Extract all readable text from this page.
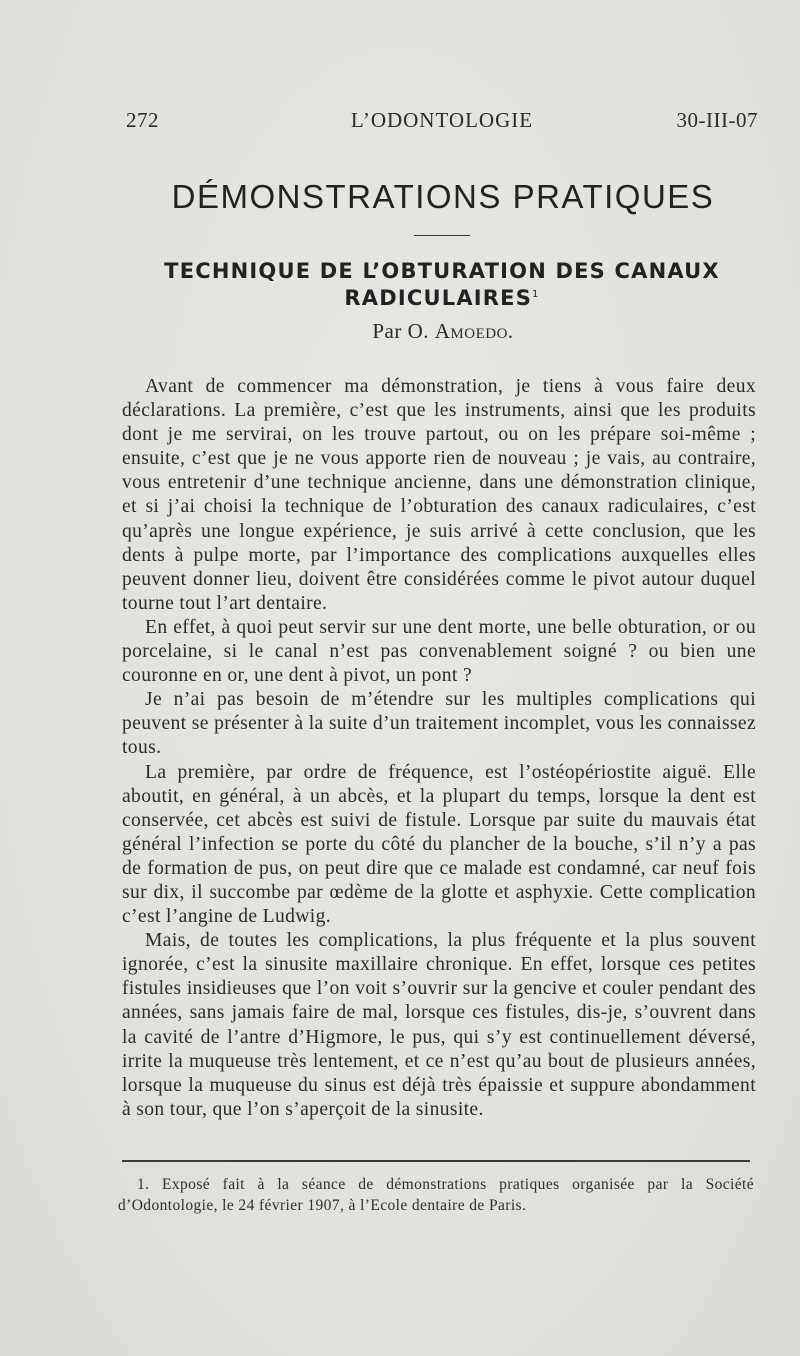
L’ODONTOLOGIE
272	30-III-07
DÉMONSTRATIONS PRATIQUES
TECHNIQUE DE L’OBTURATION DES CANAUX RADICULAIRES$^1$
Par O. Amoedo.

Avant de commencer ma démonstration, je tiens à vous faire deux déclarations. La première, c’est que les instruments, ainsi que les produits dont je me servirai, on les trouve partout, ou on les prépare soi-même ; ensuite, c’est que je ne vous apporte rien de nouveau ; je vais, au contraire, vous entretenir d’une technique ancienne, dans une démonstration clinique, et si j’ai choisi la technique de l’obturation des canaux radiculaires, c’est qu’après une longue expérience, je suis arrivé à cette conclusion, que les dents à pulpe morte, par l’importance des complications auxquelles elles peuvent donner lieu, doivent être considérées comme le pivot autour duquel tourne tout l’art dentaire.

En effet, à quoi peut servir sur une dent morte, une belle obturation, or ou porcelaine, si le canal n’est pas convenablement soigné ? ou bien une couronne en or, une dent à pivot, un pont ?

Je n’ai pas besoin de m’étendre sur les multiples complications qui peuvent se présenter à la suite d’un traitement incomplet, vous les connaissez tous.

La première, par ordre de fréquence, est l’ostéopériostite aiguë. Elle aboutit, en général, à un abcès, et la plupart du temps, lorsque la dent est conservée, cet abcès est suivi de fistule. Lorsque par suite du mauvais état général l’infection se porte du côté du plancher de la bouche, s’il n’y a pas de formation de pus, on peut dire que ce malade est condamné, car neuf fois sur dix, il succombe par œdème de la glotte et asphyxie. Cette complication c’est l’angine de Ludwig.

Mais, de toutes les complications, la plus fréquente et la plus souvent ignorée, c’est la sinusite maxillaire chronique. En effet, lorsque ces petites fistules insidieuses que l’on voit s’ouvrir sur la gencive et couler pendant des années, sans jamais faire de mal, lorsque ces fistules, dis-je, s’ouvrent dans la cavité de l’antre d’Higmore, le pus, qui s’y est continuellement déversé, irrite la muqueuse très lentement, et ce n’est qu’au bout de plusieurs années, lorsque la muqueuse du sinus est déjà très épaissie et suppure abondamment à son tour, que l’on s’aperçoit de la sinusite.

1. Exposé fait à la séance de démonstrations pratiques organisée par la Société d’Odontologie, le 24 février 1907, à l’Ecole dentaire de Paris.
